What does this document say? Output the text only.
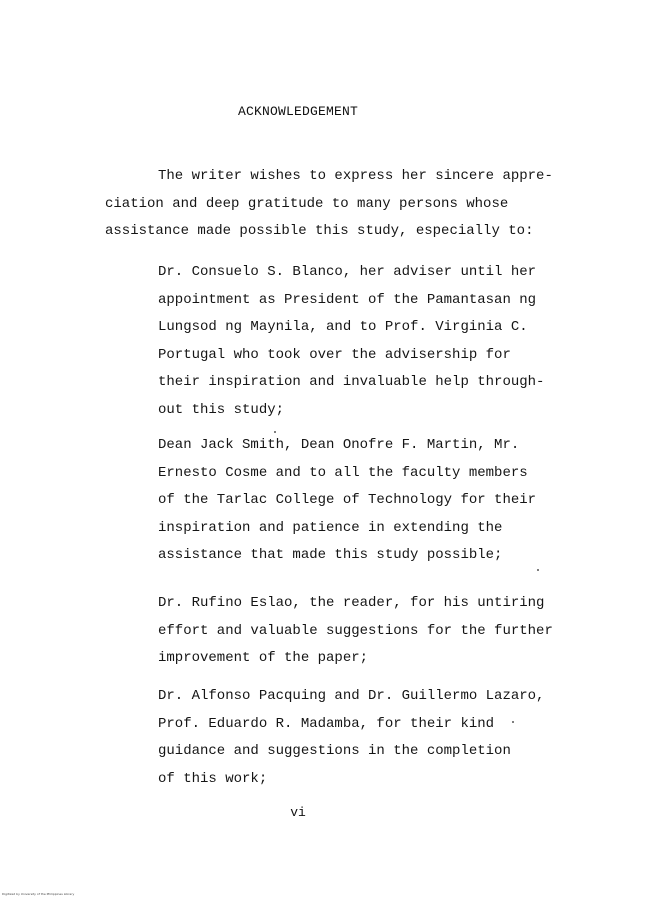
ACKNOWLEDGEMENT
The writer wishes to express her sincere appre-
ciation and deep gratitude to many persons whose
assistance made possible this study, especially to:
Dr. Consuelo S. Blanco, her adviser until her
appointment as President of the Pamantasan ng
Lungsod ng Maynila, and to Prof. Virginia C.
Portugal who took over the advisership for
their inspiration and invaluable help through-
out this study;
Dean Jack Smith, Dean Onofre F. Martin, Mr.
Ernesto Cosme and to all the faculty members
of the Tarlac College of Technology for their
inspiration and patience in extending the
assistance that made this study possible;
Dr. Rufino Eslao, the reader, for his untiring
effort and valuable suggestions for the further
improvement of the paper;
Dr. Alfonso Pacquing and Dr. Guillermo Lazaro,
Prof. Eduardo R. Madamba, for their kind
guidance and suggestions in the completion
of this work;
vi
Digitized by University of the Philippines Library
